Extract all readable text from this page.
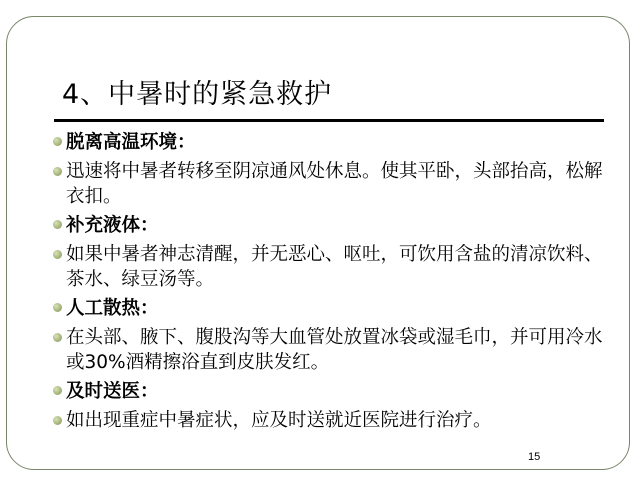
4、中暑时的紧急救护
脱离高温环境：
迅速将中暑者转移至阴凉通风处休息。使其平卧，头部抬高，松解衣扣。
补充液体：
如果中暑者神志清醒，并无恶心、呕吐，可饮用含盐的清凉饮料、茶水、绿豆汤等。
人工散热：
在头部、腋下、腹股沟等大血管处放置冰袋或湿毛巾，并可用冷水或30%酒精擦浴直到皮肤发红。
及时送医：
如出现重症中暑症状，应及时送就近医院进行治疗。
15
